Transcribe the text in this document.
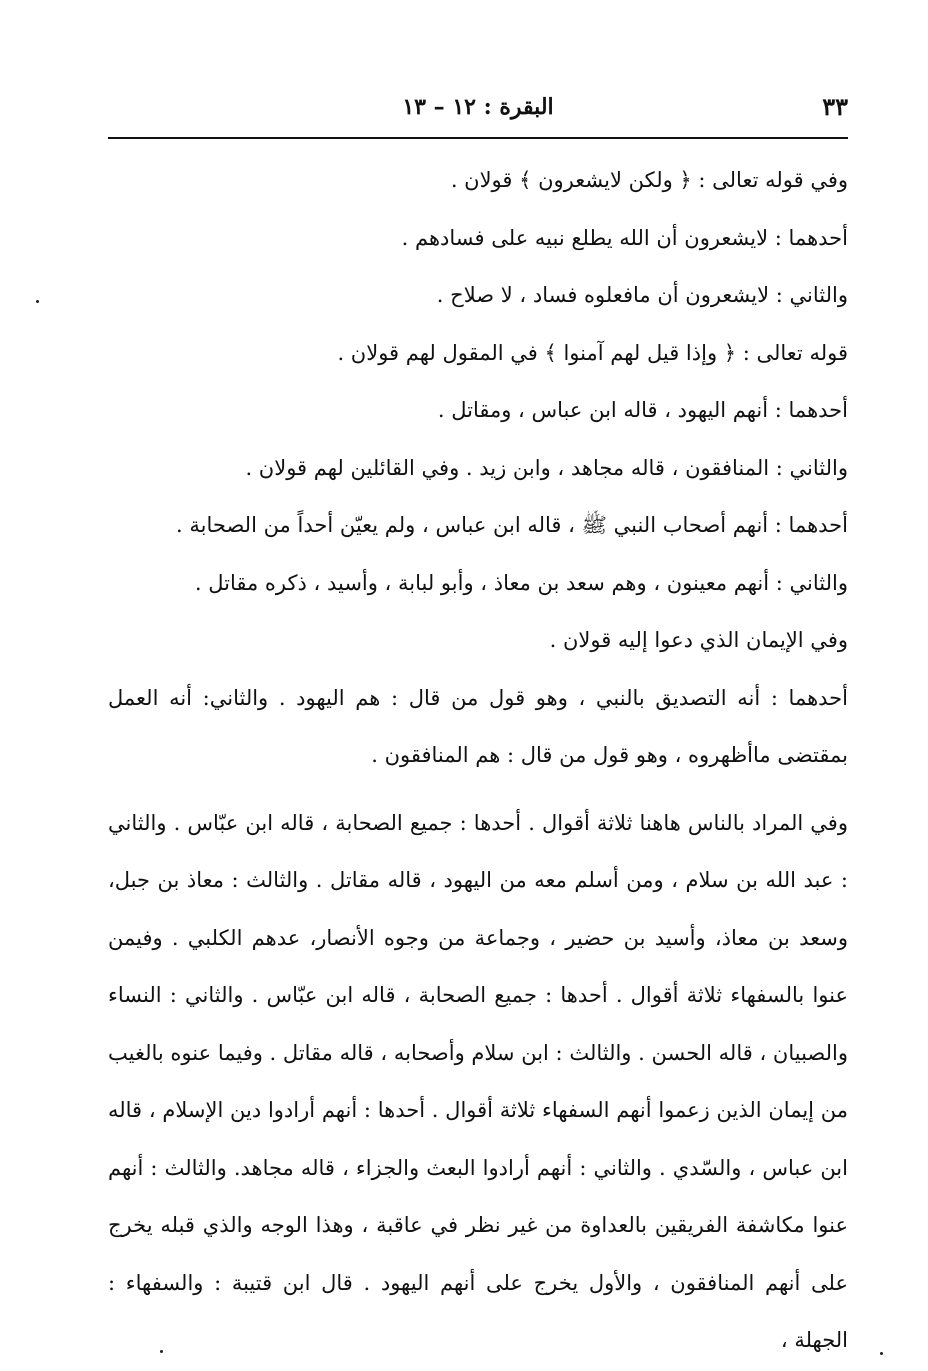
٣٣
البقرة : ١٢ – ١٣

وفي قوله تعالى : ﴿ ولكن لايشعرون ﴾ قولان .

أحدهما : لايشعرون أن الله يطلع نبيه على فسادهم .

والثاني : لايشعرون أن مافعلوه فساد ، لا صلاح .

قوله تعالى : ﴿ وإذا قيل لهم آمنوا ﴾ في المقول لهم قولان .

أحدهما : أنهم اليهود ، قاله ابن عباس ، ومقاتل .

والثاني : المنافقون ، قاله مجاهد ، وابن زيد . وفي القائلين لهم قولان .

أحدهما : أنهم أصحاب النبي ﷺ ، قاله ابن عباس ، ولم يعيّن أحداً من الصحابة .

والثاني : أنهم معينون ، وهم سعد بن معاذ ، وأبو لبابة ، وأسيد ، ذكره مقاتل .

وفي الإيمان الذي دعوا إليه قولان .

أحدهما : أنه التصديق بالنبي ، وهو قول من قال : هم اليهود . والثاني: أنه العمل بمقتضى ماأظهروه ، وهو قول من قال : هم المنافقون .

وفي المراد بالناس هاهنا ثلاثة أقوال . أحدها : جميع الصحابة ، قاله ابن عبّاس . والثاني : عبد الله بن سلام ، ومن أسلم معه من اليهود ، قاله مقاتل . والثالث : معاذ بن جبل، وسعد بن معاذ، وأسيد بن حضير ، وجماعة من وجوه الأنصار، عدهم الكلبي . وفيمن عنوا بالسفهاء ثلاثة أقوال . أحدها : جميع الصحابة ، قاله ابن عبّاس . والثاني : النساء والصبيان ، قاله الحسن . والثالث : ابن سلام وأصحابه ، قاله مقاتل . وفيما عنوه بالغيب من إيمان الذين زعموا أنهم السفهاء ثلاثة أقوال . أحدها : أنهم أرادوا دين الإسلام ، قاله ابن عباس ، والسّدي . والثاني : أنهم أرادوا البعث والجزاء ، قاله مجاهد. والثالث : أنهم عنوا مكاشفة الفريقين بالعداوة من غير نظر في عاقبة ، وهذا الوجه والذي قبله يخرج على أنهم المنافقون ، والأول يخرج على أنهم اليهود . قال ابن قتيبة : والسفهاء : الجهلة ،
